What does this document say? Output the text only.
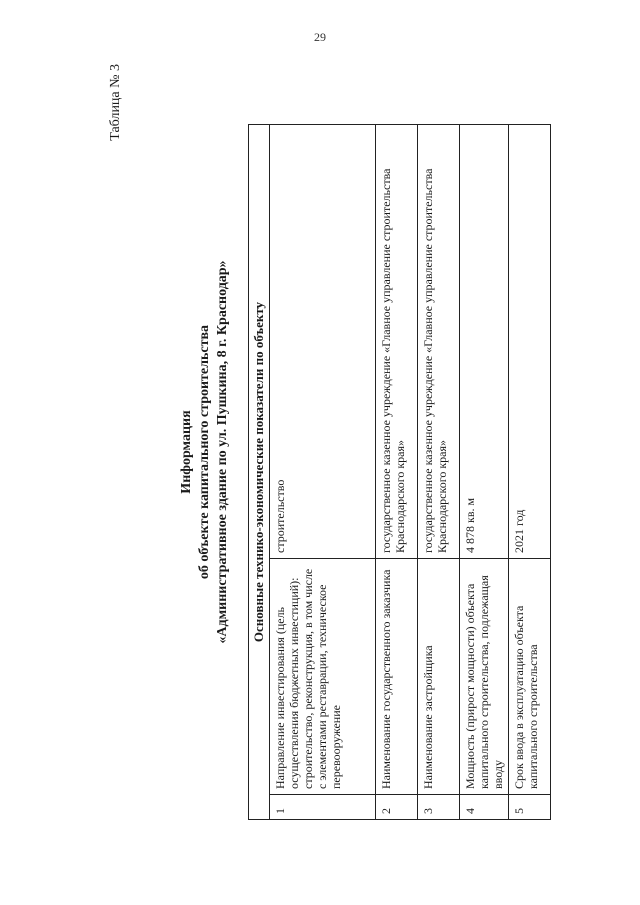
29
Таблица № 3
Информация об объекте капитального строительства «Административное здание по ул. Пушкина, 8 г. Краснодар» Основные технико-экономические показатели по объекту		
1	Направление инвестирования (цель осуществления бюджетных инвестиций): строительство, реконструкция, в том числе с элементами реставрации, техническое перевооружение	строительство
2	Наименование государственного заказчика	государственное казенное учреждение «Главное управление строительства Краснодарского края»
3	Наименование застройщика	государственное казенное учреждение «Главное управление строительства Краснодарского края»
4	Мощность (прирост мощности) объекта капитального строительства, подлежащая вводу	4 878 кв. м
5	Срок ввода в эксплуатацию объекта капитального строительства	2021 год
